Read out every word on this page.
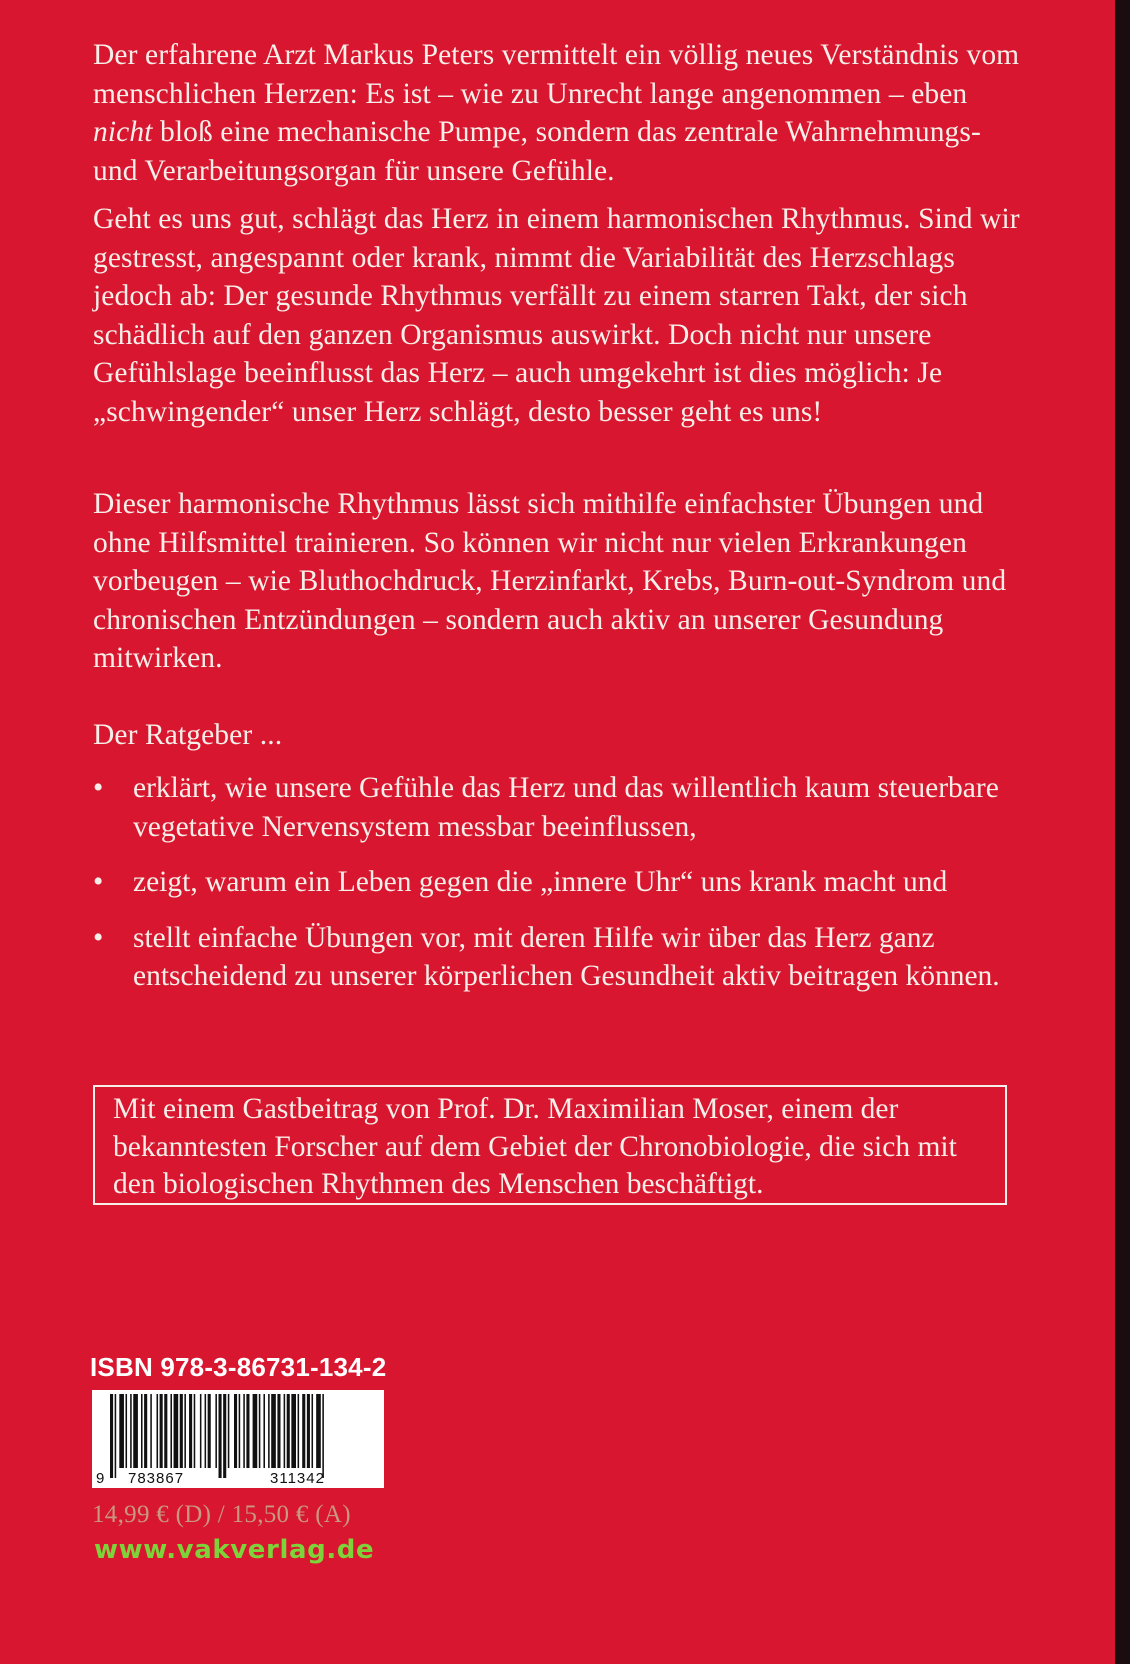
Der erfahrene Arzt Markus Peters vermittelt ein völlig neues Verständnis vom menschlichen Herzen: Es ist – wie zu Unrecht lange angenommen – eben nicht bloß eine mechanische Pumpe, sondern das zentrale Wahrnehmungs- und Verarbeitungsorgan für unsere Gefühle.

Geht es uns gut, schlägt das Herz in einem harmonischen Rhythmus. Sind wir gestresst, angespannt oder krank, nimmt die Variabilität des Herzschlags jedoch ab: Der gesunde Rhythmus verfällt zu einem starren Takt, der sich schädlich auf den ganzen Organismus auswirkt. Doch nicht nur unsere Gefühlslage beeinflusst das Herz – auch umgekehrt ist dies möglich: Je „schwingender“ unser Herz schlägt, desto besser geht es uns!

Dieser harmonische Rhythmus lässt sich mithilfe einfachster Übungen und ohne Hilfsmittel trainieren. So können wir nicht nur vielen Erkrankungen vorbeugen – wie Bluthochdruck, Herzinfarkt, Krebs, Burn-out-Syndrom und chronischen Entzündungen – sondern auch aktiv an unserer Gesundung mitwirken.

Der Ratgeber ...

• erklärt, wie unsere Gefühle das Herz und das willentlich kaum steuerbare vegetative Nervensystem messbar beeinflussen,
• zeigt, warum ein Leben gegen die „innere Uhr“ uns krank macht und
• stellt einfache Übungen vor, mit deren Hilfe wir über das Herz ganz entscheidend zu unserer körperlichen Gesundheit aktiv beitragen können.
Mit einem Gastbeitrag von Prof. Dr. Maximilian Moser, einem der bekanntesten Forscher auf dem Gebiet der Chronobiologie, die sich mit den biologischen Rhythmen des Menschen beschäftigt.
ISBN 978-3-86731-134-2
9 783867	311342
14,99 € (D) / 15,50 € (A)
www.vakverlag.de
